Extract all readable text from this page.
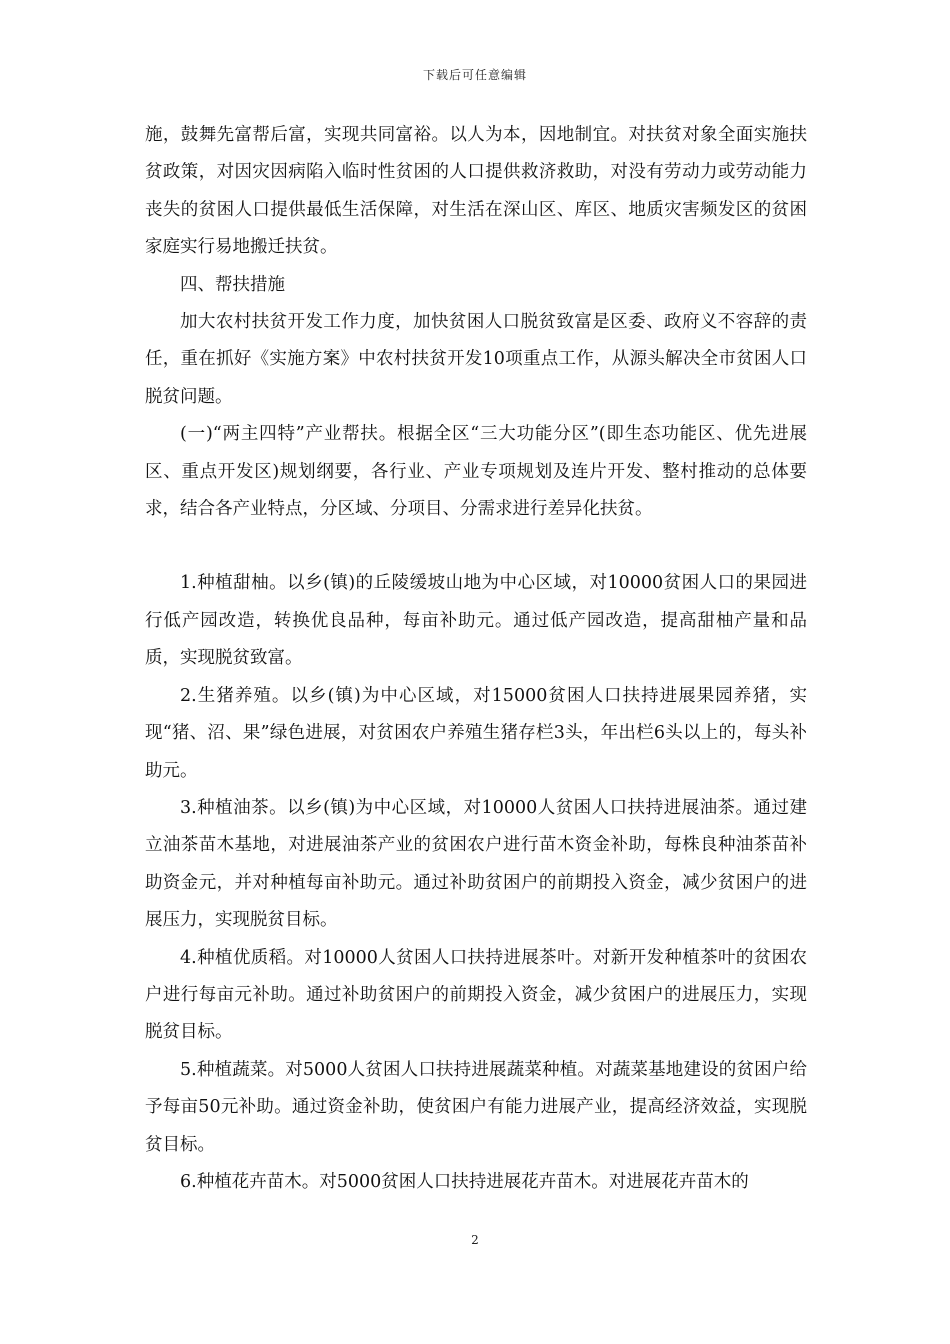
下载后可任意编辑

施，鼓舞先富帮后富，实现共同富裕。以人为本，因地制宜。对扶贫对象全面实施扶贫政策，对因灾因病陷入临时性贫困的人口提供救济救助，对没有劳动力或劳动能力丧失的贫困人口提供最低生活保障，对生活在深山区、库区、地质灾害频发区的贫困家庭实行易地搬迁扶贫。

四、帮扶措施

加大农村扶贫开发工作力度，加快贫困人口脱贫致富是区委、政府义不容辞的责任，重在抓好《实施方案》中农村扶贫开发10项重点工作，从源头解决全市贫困人口脱贫问题。

(一)“两主四特”产业帮扶。根据全区“三大功能分区”(即生态功能区、优先进展区、重点开发区)规划纲要，各行业、产业专项规划及连片开发、整村推动的总体要求，结合各产业特点，分区域、分项目、分需求进行差异化扶贫。

1.种植甜柚。以乡(镇)的丘陵缓坡山地为中心区域，对10000贫困人口的果园进行低产园改造，转换优良品种，每亩补助元。通过低产园改造，提高甜柚产量和品质，实现脱贫致富。

2.生猪养殖。以乡(镇)为中心区域，对15000贫困人口扶持进展果园养猪，实现“猪、沼、果”绿色进展，对贫困农户养殖生猪存栏3头，年出栏6头以上的，每头补助元。

3.种植油茶。以乡(镇)为中心区域，对10000人贫困人口扶持进展油茶。通过建立油茶苗木基地，对进展油茶产业的贫困农户进行苗木资金补助，每株良种油茶苗补助资金元，并对种植每亩补助元。通过补助贫困户的前期投入资金，减少贫困户的进展压力，实现脱贫目标。

4.种植优质稻。对10000人贫困人口扶持进展茶叶。对新开发种植茶叶的贫困农户进行每亩元补助。通过补助贫困户的前期投入资金，减少贫困户的进展压力，实现脱贫目标。

5.种植蔬菜。对5000人贫困人口扶持进展蔬菜种植。对蔬菜基地建设的贫困户给予每亩50元补助。通过资金补助，使贫困户有能力进展产业，提高经济效益，实现脱贫目标。

6.种植花卉苗木。对5000贫困人口扶持进展花卉苗木。对进展花卉苗木的

2
